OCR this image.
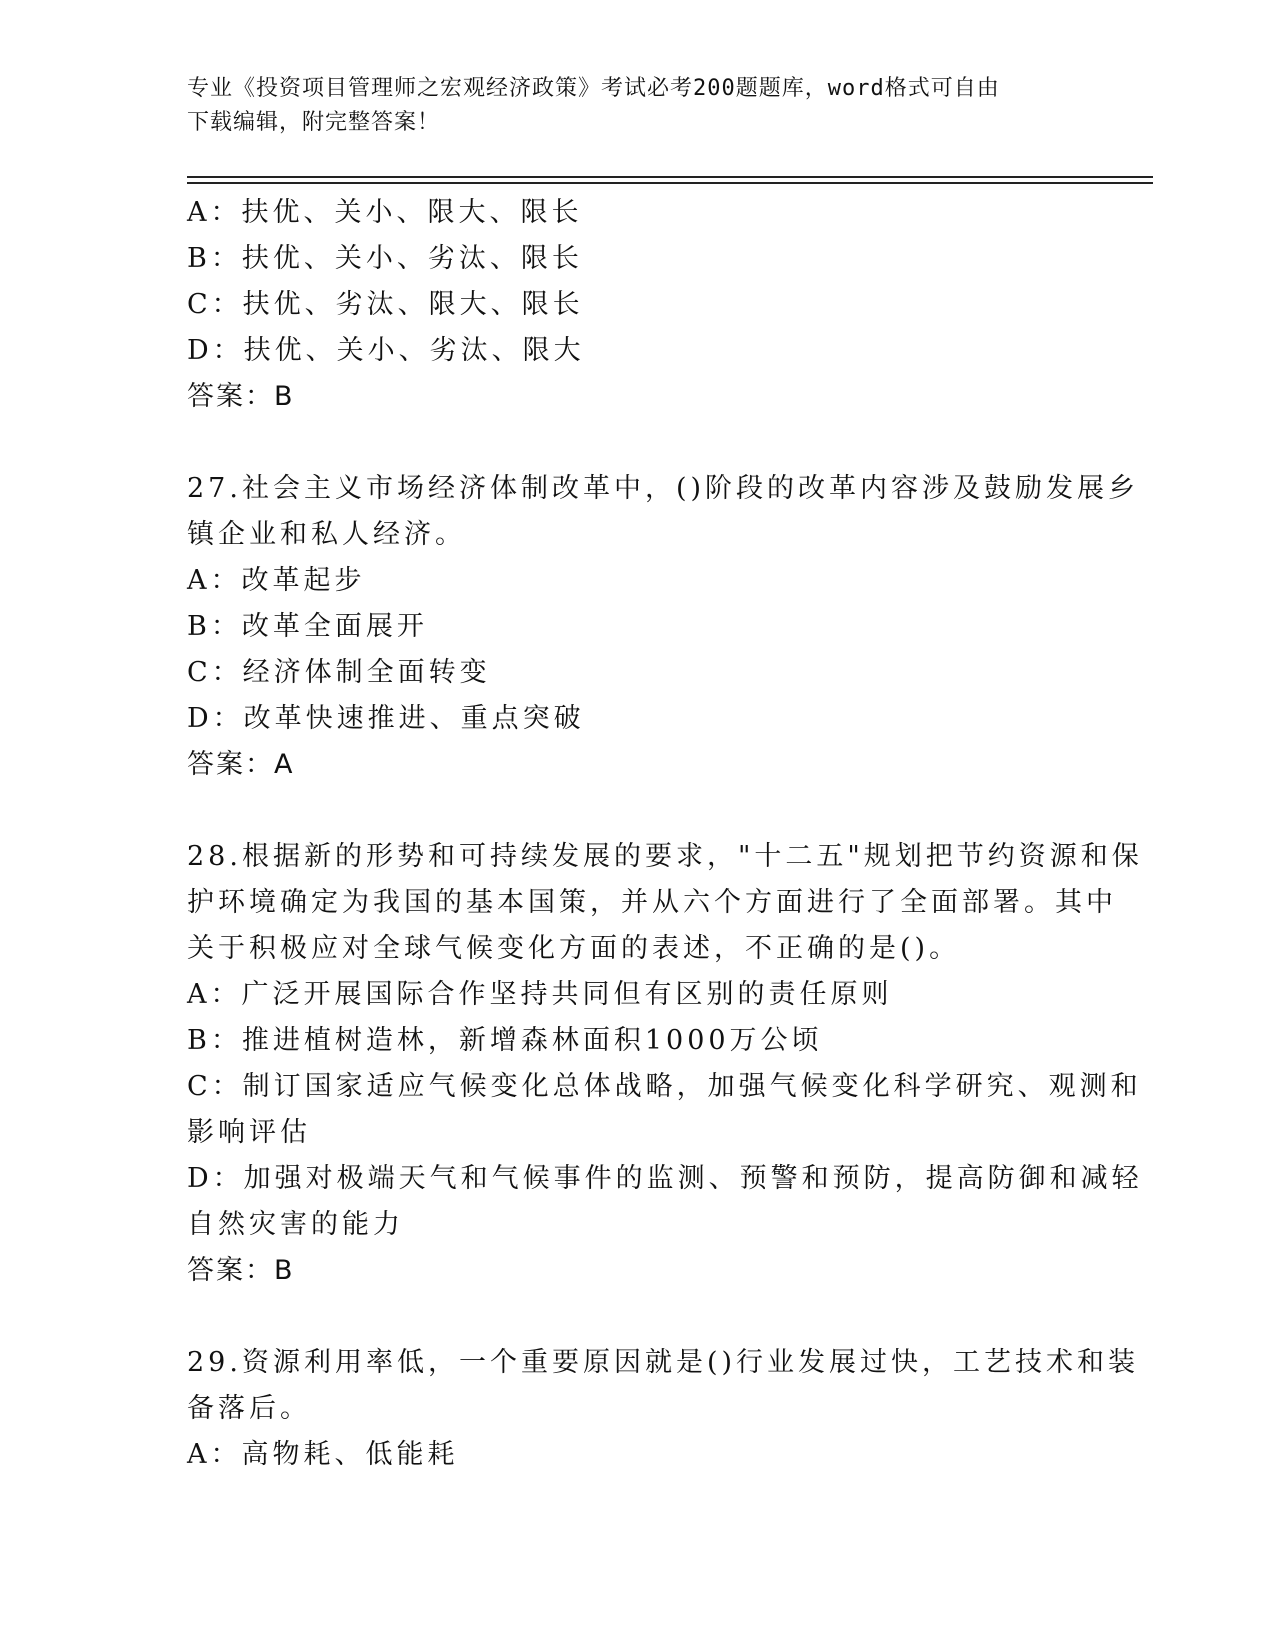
专业《投资项目管理师之宏观经济政策》考试必考200题题库，word格式可自由
下载编辑，附完整答案！
A：扶优、关小、限大、限长
B：扶优、关小、劣汰、限长
C：扶优、劣汰、限大、限长
D：扶优、关小、劣汰、限大
答案：B
27.社会主义市场经济体制改革中，()阶段的改革内容涉及鼓励发展乡
镇企业和私人经济。
A：改革起步
B：改革全面展开
C：经济体制全面转变
D：改革快速推进、重点突破
答案：A
28.根据新的形势和可持续发展的要求，"十二五"规划把节约资源和保
护环境确定为我国的基本国策，并从六个方面进行了全面部署。其中
关于积极应对全球气候变化方面的表述，不正确的是()。
A：广泛开展国际合作坚持共同但有区别的责任原则
B：推进植树造林，新增森林面积1000万公顷
C：制订国家适应气候变化总体战略，加强气候变化科学研究、观测和
影响评估
D：加强对极端天气和气候事件的监测、预警和预防，提高防御和减轻
自然灾害的能力
答案：B
29.资源利用率低，一个重要原因就是()行业发展过快，工艺技术和装
备落后。
A：高物耗、低能耗
